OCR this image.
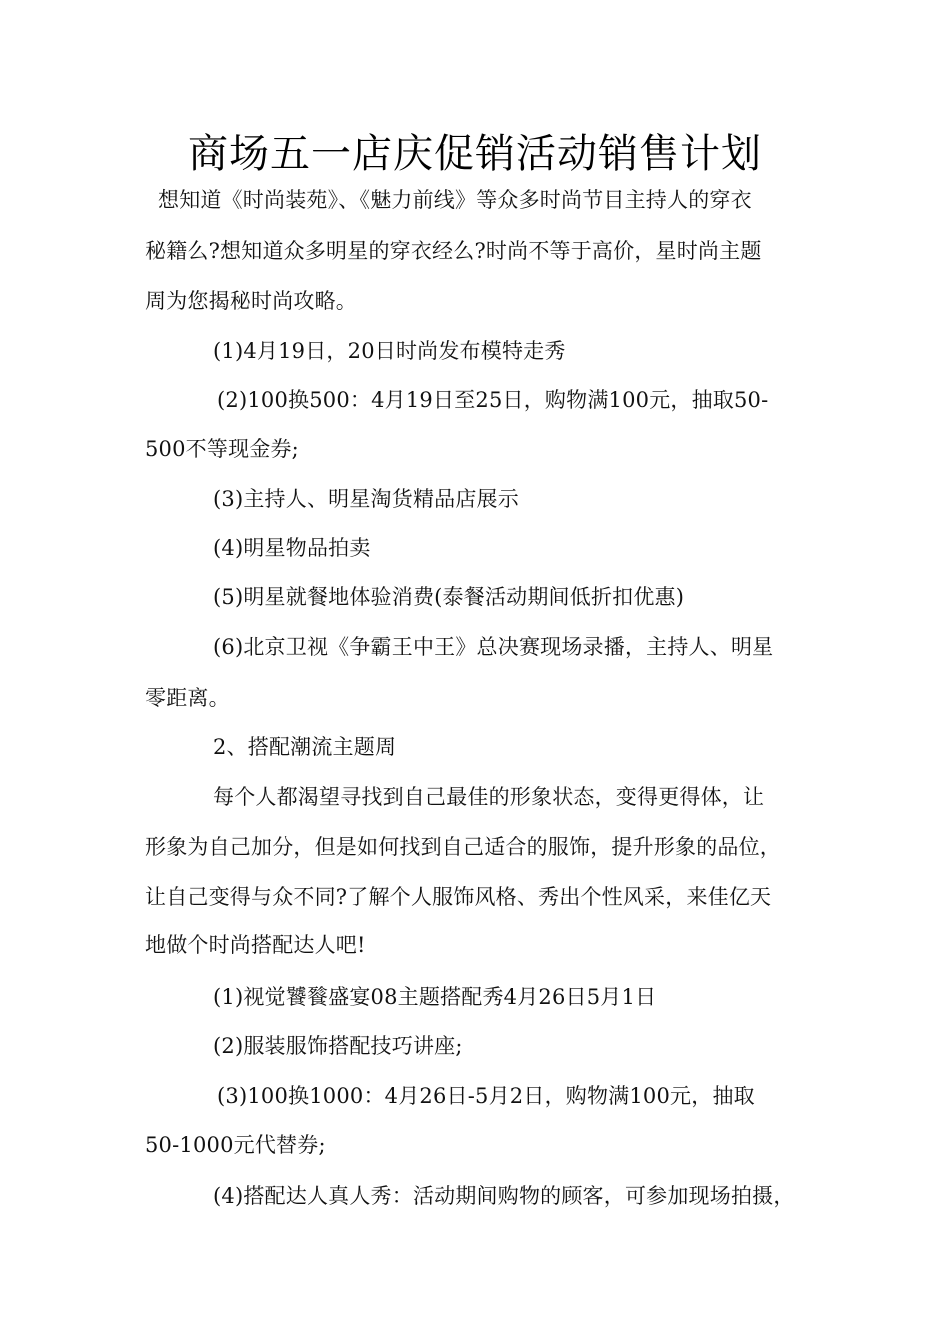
商场五一店庆促销活动销售计划
想知道《时尚装苑》、《魅力前线》等众多时尚节目主持人的穿衣
秘籍么?想知道众多明星的穿衣经么?时尚不等于高价，星时尚主题
周为您揭秘时尚攻略。
(1)4月19日，20日时尚发布模特走秀
(2)100换500：4月19日至25日，购物满100元，抽取50-
500不等现金券;
(3)主持人、明星淘货精品店展示
(4)明星物品拍卖
(5)明星就餐地体验消费(泰餐活动期间低折扣优惠)
(6)北京卫视《争霸王中王》总决赛现场录播，主持人、明星
零距离。
2、搭配潮流主题周
每个人都渴望寻找到自己最佳的形象状态，变得更得体，让
形象为自己加分，但是如何找到自己适合的服饰，提升形象的品位，
让自己变得与众不同?了解个人服饰风格、秀出个性风采，来佳亿天
地做个时尚搭配达人吧!
(1)视觉饕餮盛宴08主题搭配秀4月26日5月1日
(2)服装服饰搭配技巧讲座;
(3)100换1000：4月26日-5月2日，购物满100元，抽取
50-1000元代替券;
(4)搭配达人真人秀：活动期间购物的顾客，可参加现场拍摄，
